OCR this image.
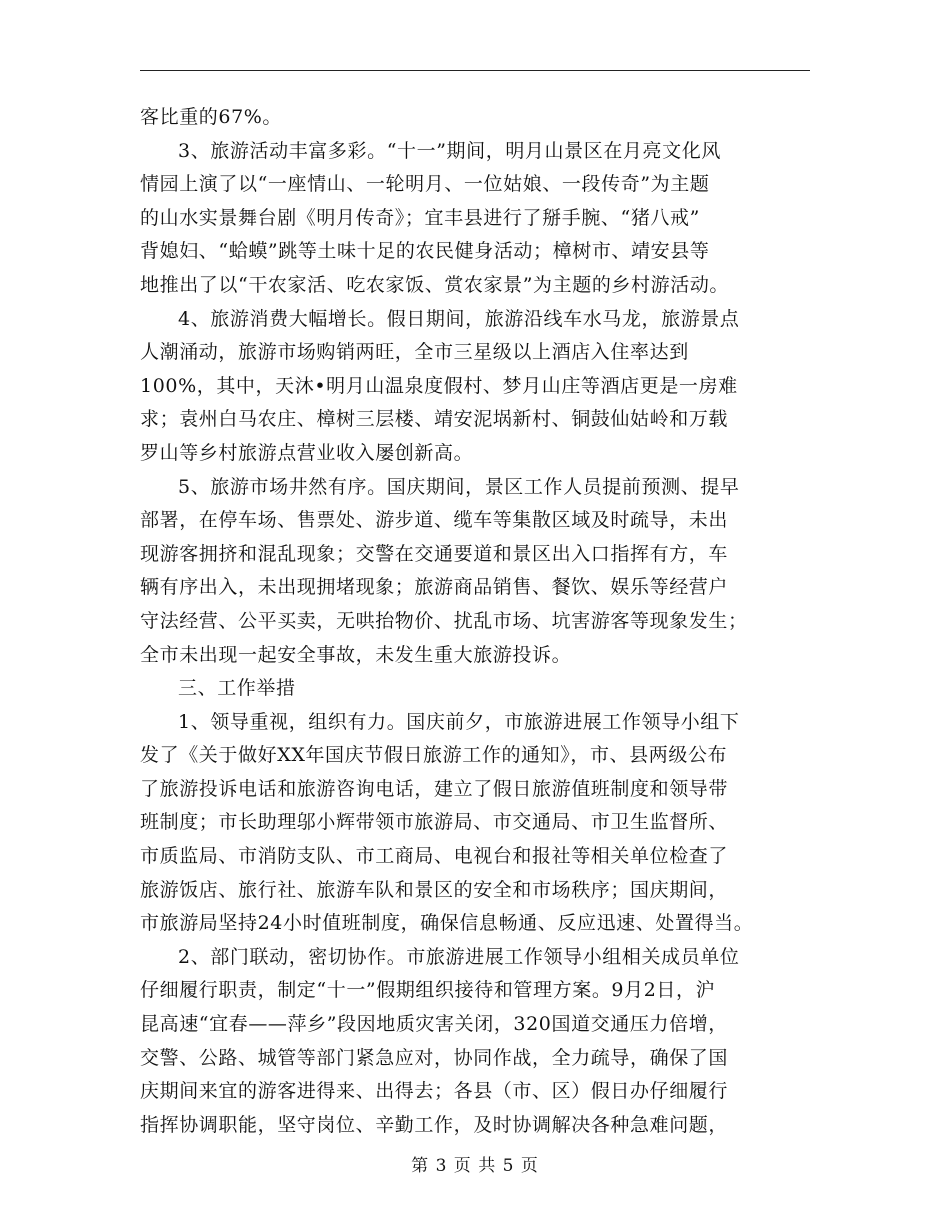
客比重的67%。
3、旅游活动丰富多彩。“十一”期间，明月山景区在月亮文化风
情园上演了以“一座情山、一轮明月、一位姑娘、一段传奇”为主题
的山水实景舞台剧《明月传奇》；宜丰县进行了掰手腕、“猪八戒”
背媳妇、“蛤蟆”跳等土味十足的农民健身活动；樟树市、靖安县等
地推出了以“干农家活、吃农家饭、赏农家景”为主题的乡村游活动。
4、旅游消费大幅增长。假日期间，旅游沿线车水马龙，旅游景点
人潮涌动，旅游市场购销两旺，全市三星级以上酒店入住率达到
100%，其中，天沐•明月山温泉度假村、梦月山庄等酒店更是一房难
求；袁州白马农庄、樟树三层楼、靖安泥埚新村、铜鼓仙姑岭和万载
罗山等乡村旅游点营业收入屡创新高。
5、旅游市场井然有序。国庆期间，景区工作人员提前预测、提早
部署，在停车场、售票处、游步道、缆车等集散区域及时疏导，未出
现游客拥挤和混乱现象；交警在交通要道和景区出入口指挥有方，车
辆有序出入，未出现拥堵现象；旅游商品销售、餐饮、娱乐等经营户
守法经营、公平买卖，无哄抬物价、扰乱市场、坑害游客等现象发生；
全市未出现一起安全事故，未发生重大旅游投诉。
三、工作举措
1、领导重视，组织有力。国庆前夕，市旅游进展工作领导小组下
发了《关于做好XX年国庆节假日旅游工作的通知》，市、县两级公布
了旅游投诉电话和旅游咨询电话，建立了假日旅游值班制度和领导带
班制度；市长助理邬小辉带领市旅游局、市交通局、市卫生监督所、
市质监局、市消防支队、市工商局、电视台和报社等相关单位检查了
旅游饭店、旅行社、旅游车队和景区的安全和市场秩序；国庆期间，
市旅游局坚持24小时值班制度，确保信息畅通、反应迅速、处置得当。
2、部门联动，密切协作。市旅游进展工作领导小组相关成员单位
仔细履行职责，制定“十一”假期组织接待和管理方案。9月2日，沪
昆高速“宜春——萍乡”段因地质灾害关闭，320国道交通压力倍增，
交警、公路、城管等部门紧急应对，协同作战，全力疏导，确保了国
庆期间来宜的游客进得来、出得去；各县（市、区）假日办仔细履行
指挥协调职能，坚守岗位、辛勤工作，及时协调解决各种急难问题，
第 3 页 共 5 页
